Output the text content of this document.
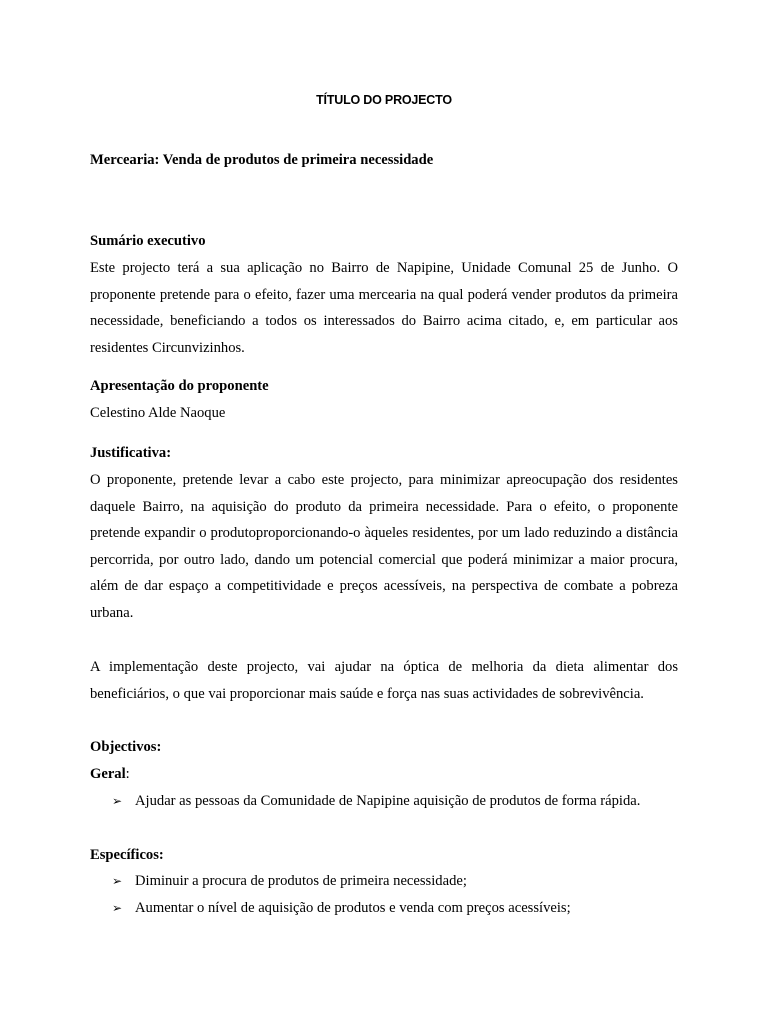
TÍTULO DO PROJECTO
Mercearia: Venda de produtos de primeira necessidade
Sumário executivo
Este projecto terá a sua aplicação no Bairro de Napipine, Unidade Comunal 25 de Junho. O proponente pretende para o efeito, fazer uma mercearia na qual poderá vender produtos da primeira necessidade, beneficiando a todos os interessados do Bairro acima citado, e, em particular aos residentes Circunvizinhos.
Apresentação do proponente
Celestino Alde Naoque
Justificativa:
O proponente, pretende levar a cabo este projecto, para minimizar apreocupação dos residentes daquele Bairro, na aquisição do produto da primeira necessidade. Para o efeito, o proponente pretende expandir o produtoproporcionando-o àqueles residentes, por um lado reduzindo a distância percorrida, por outro lado, dando um potencial comercial que poderá minimizar a maior procura, além de dar espaço a competitividade e preços acessíveis, na perspectiva de combate a pobreza urbana.
A implementação deste projecto, vai ajudar na óptica de melhoria da dieta alimentar dos beneficiários, o que vai proporcionar mais saúde e força nas suas actividades de sobrevivência.
Objectivos:
Geral:
➢ Ajudar as pessoas da Comunidade de Napipine aquisição de produtos de forma rápida.
Específicos:
➢ Diminuir a procura de produtos de primeira necessidade;
➢ Aumentar o nível de aquisição de produtos e venda com preços acessíveis;
